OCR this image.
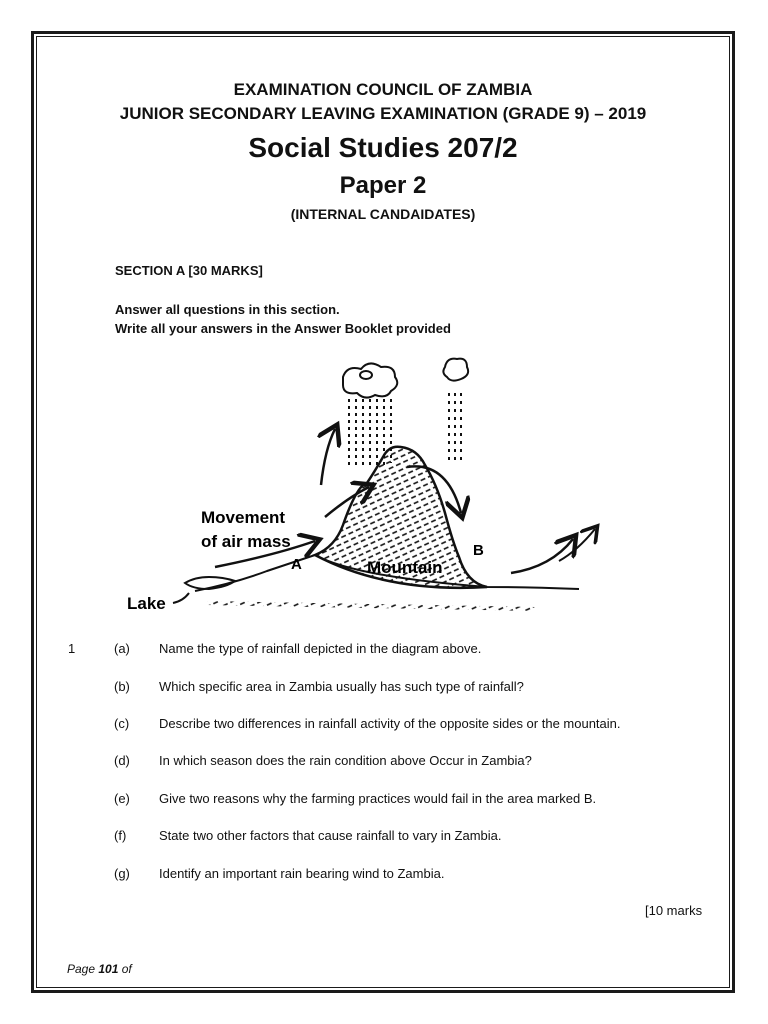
EXAMINATION COUNCIL OF ZAMBIA
JUNIOR SECONDARY LEAVING EXAMINATION (GRADE 9) – 2019
Social Studies 207/2
Paper 2
(INTERNAL CANDAIDATES)
SECTION A [30 MARKS]
Answer all questions in this section.
Write all your answers in the Answer Booklet provided
Movement
of air mass
A
B
Mountain
Lake
1	(a) Name the type of rainfall depicted in the diagram above.
(b) Which specific area in Zambia usually has such type of rainfall?
(c) Describe two differences in rainfall activity of the opposite sides or the mountain.
(d) In which season does the rain condition above Occur in Zambia?
(e) Give two reasons why the farming practices would fail in the area marked B.
(f)	State two other factors that cause rainfall to vary in Zambia.
(g) Identify an important rain bearing wind to Zambia.
[10 marks
Page 101 of
